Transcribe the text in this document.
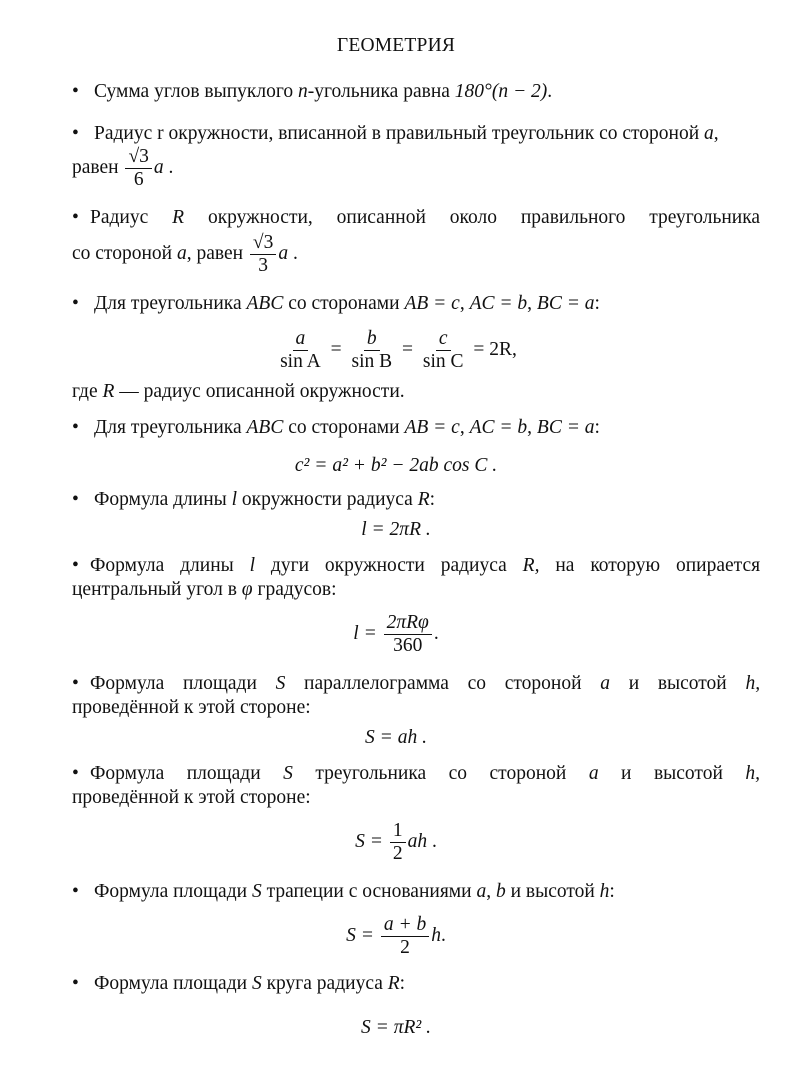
ГЕОМЕТРИЯ
• Сумма углов выпуклого n-угольника равна 180°(n − 2).
• Радиус r окружности, вписанной в правильный треугольник со стороной a,
равен $\frac{√3}{6}$ a .
• Радиус R окружности, описанной около правильного треугольника
со стороной a, равен $\frac{√3}{3}$ a .
• Для треугольника ABC со сторонами AB = c, AC = b, BC = a:
$\frac{a}{\text{sin A}} = \frac{b}{\text{sin B}} = \frac{c}{\text{sin C}} = 2R$,
где R — радиус описанной окружности.
• Для треугольника ABC со сторонами AB = c, AC = b, BC = a:
c² = a² + b² − 2ab cos C .
• Формула длины l окружности радиуса R:
l = 2πR .
• Формула длины l дуги окружности радиуса R, на которую опирается
центральный угол в φ градусов:
$l = \frac{\text{2πRφ}}{360}$ .
• Формула площади S параллелограмма со стороной a и высотой h,
проведённой к этой стороне:
S = ah .
• Формула площади S треугольника со стороной a и высотой h,
проведённой к этой стороне:
$S = \frac{1}{2}$ ah .
• Формула площади S трапеции с основаниями a, b и высотой h:
$S = \frac{a + b}{2} h$.
• Формула площади S круга радиуса R:
S = πR² .
